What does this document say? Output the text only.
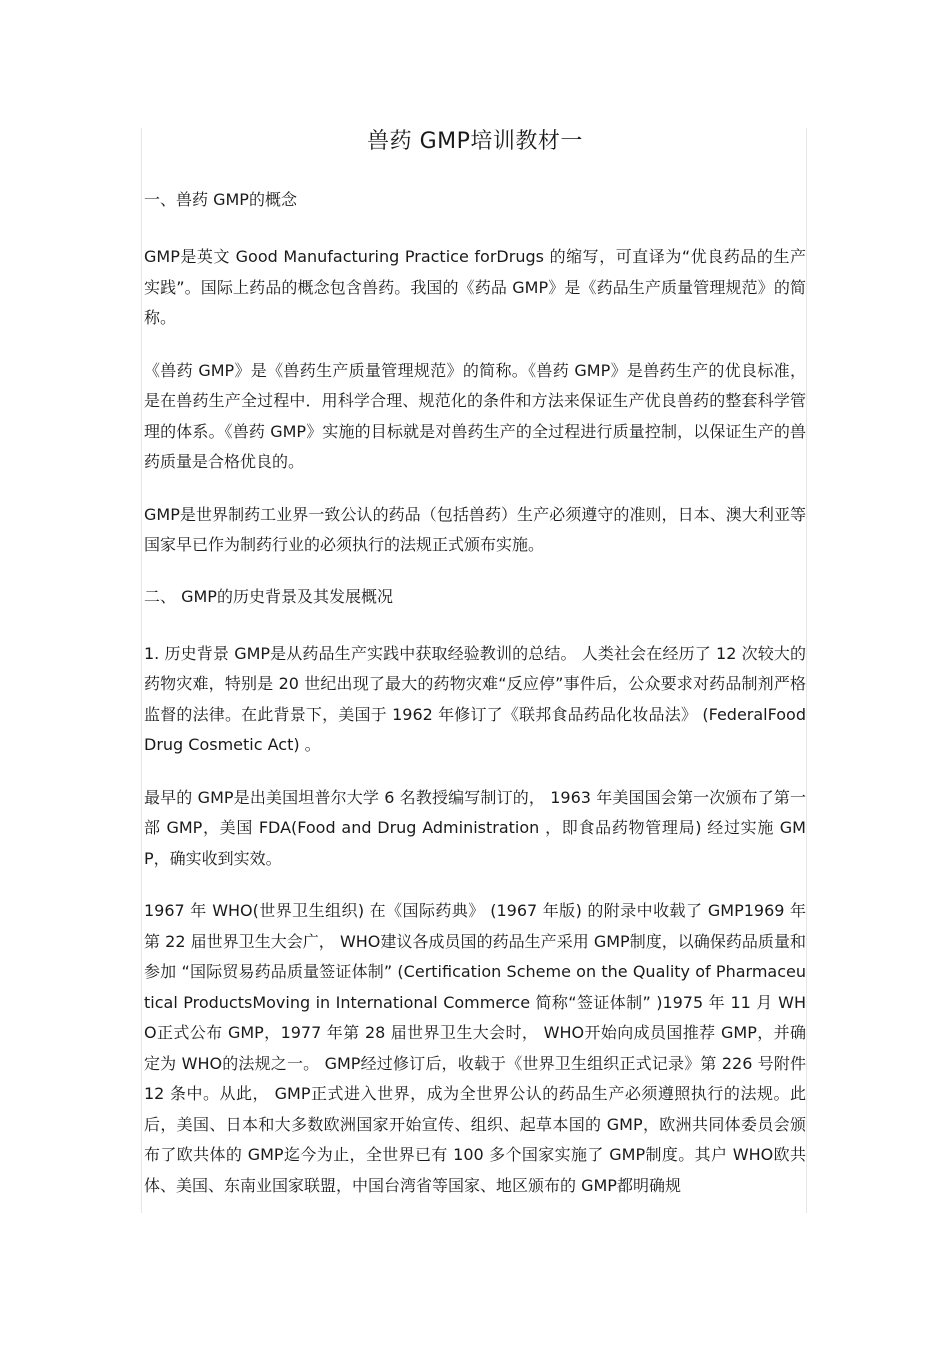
兽药 GMP培训教材一
一、兽药 GMP的概念

GMP是英文 Good Manufacturing Practice forDrugs 的缩写，可直译为“优良药品的生产实践”。国际上药品的概念包含兽药。我国的《药品 GMP》是《药品生产质量管理规范》的简称。

《兽药 GMP》是《兽药生产质量管理规范》的简称。《兽药 GMP》是兽药生产的优良标准，是在兽药生产全过程中．用科学合理、规范化的条件和方法来保证生产优良兽药的整套科学管理的体系。《兽药 GMP》实施的目标就是对兽药生产的全过程进行质量控制，以保证生产的兽药质量是合格优良的。

GMP是世界制药工业界一致公认的药品（包括兽药）生产必须遵守的准则，日本、澳大利亚等国家早已作为制药行业的必须执行的法规正式颁布实施。

二、 GMP的历史背景及其发展概况

1. 历史背景 GMP是从药品生产实践中获取经验教训的总结。 人类社会在经历了 12 次较大的药物灾难，特别是 20 世纪出现了最大的药物灾难“反应停”事件后，公众要求对药品制剂严格监督的法律。在此背景下，美国于 1962 年修订了《联邦食品药品化妆品法》 (FederalFood Drug Cosmetic Act) 。

最早的 GMP是出美国坦普尔大学 6 名教授编写制订的， 1963 年美国国会第一次颁布了第一部 GMP，美国 FDA(Food and Drug Administration ，即食品药物管理局) 经过实施 GMP，确实收到实效。

1967 年 WHO(世界卫生组织) 在《国际药典》 (1967 年版) 的附录中收载了 GMP1969 年第 22 届世界卫生大会广， WHO建议各成员国的药品生产采用 GMP制度，以确保药品质量和参加 “国际贸易药品质量签证体制” (Certification Scheme on the Quality of Pharmaceutical ProductsMoving in International Commerce 简称“签证体制” )1975 年 11 月 WHO正式公布 GMP，1977 年第 28 届世界卫生大会时， WHO开始向成员国推荐 GMP，并确定为 WHO的法规之一。 GMP经过修订后，收载于《世界卫生组织正式记录》第 226 号附件 12 条中。从此， GMP正式进入世界，成为全世界公认的药品生产必须遵照执行的法规。此后，美国、日本和大多数欧洲国家开始宣传、组织、起草本国的 GMP，欧洲共同体委员会颁布了欧共体的 GMP迄今为止，全世界已有 100 多个国家实施了 GMP制度。其户 WHO欧共体、美国、东南业国家联盟，中国台湾省等国家、地区颁布的 GMP都明确规
